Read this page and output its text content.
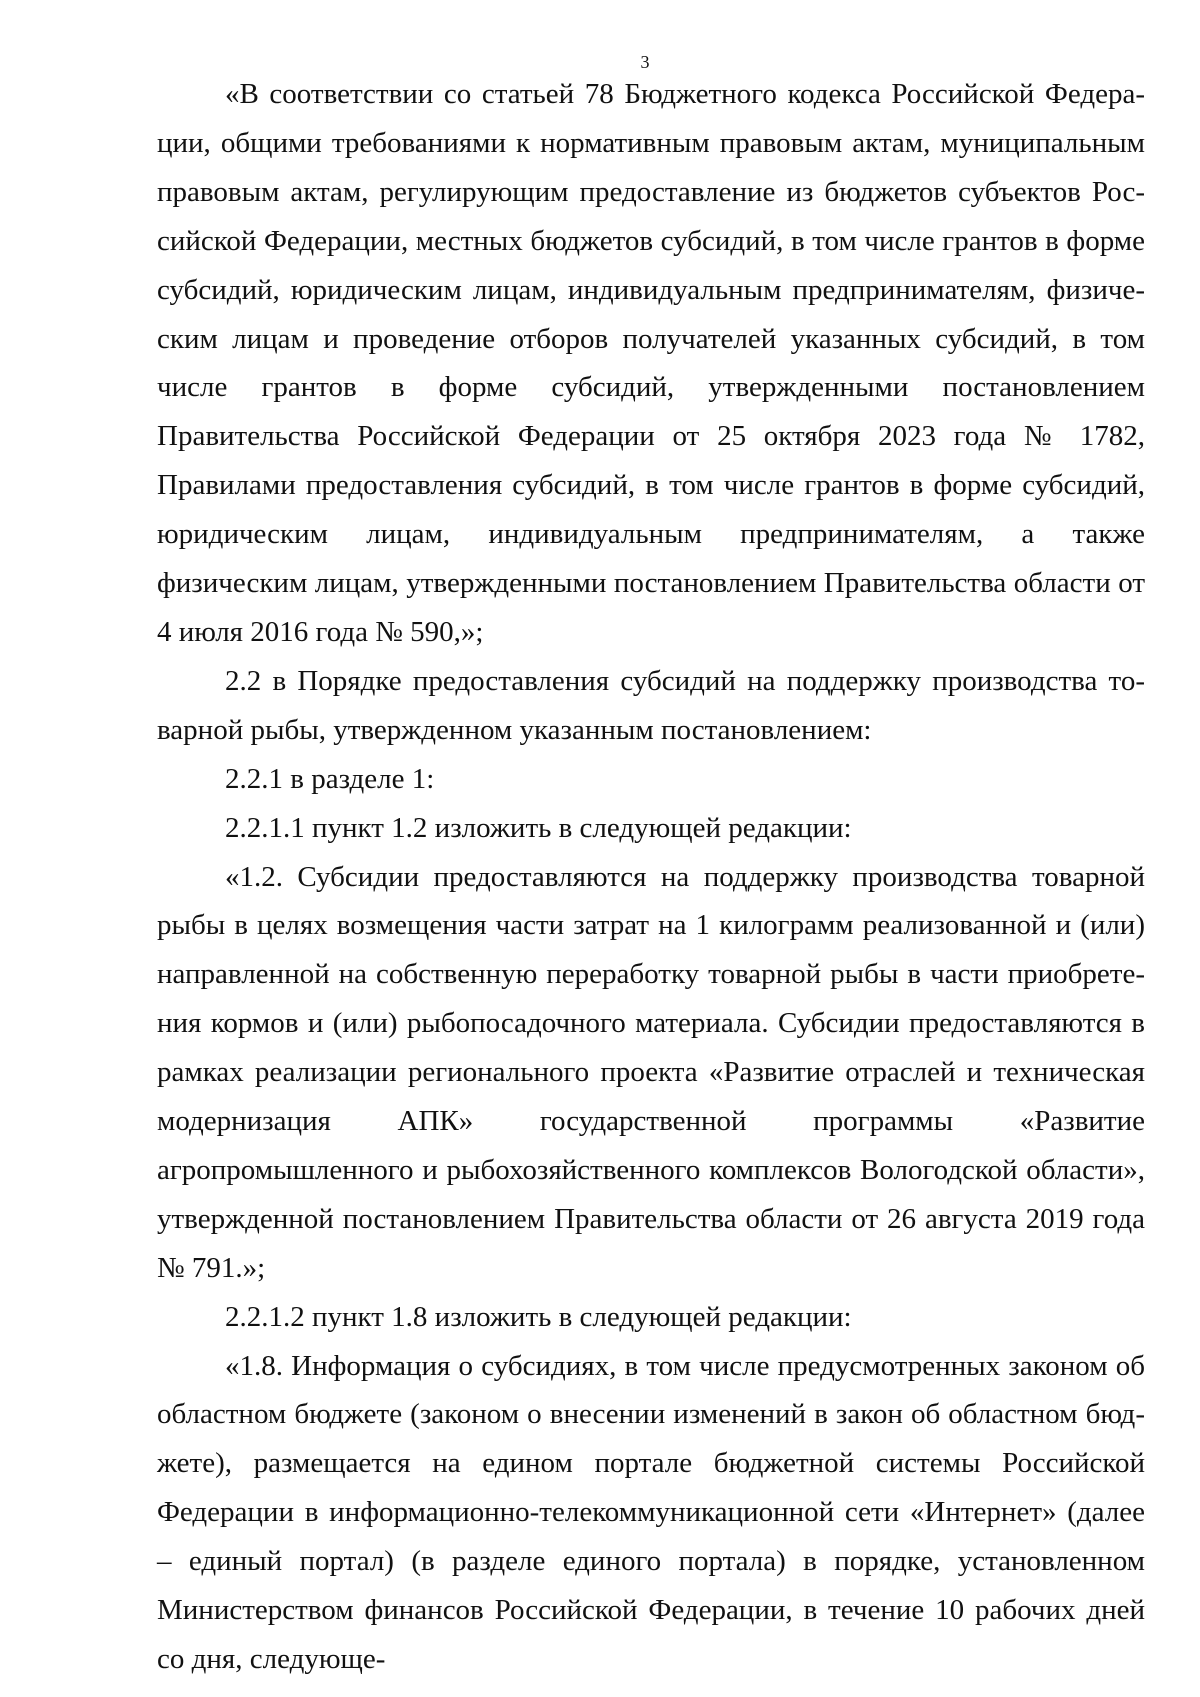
3

«В соответствии со статьей 78 Бюджетного кодекса Российской Федерации, общими требованиями к нормативным правовым актам, муниципальным правовым актам, регулирующим предоставление из бюджетов субъектов Российской Федерации, местных бюджетов субсидий, в том числе грантов в форме субсидий, юридическим лицам, индивидуальным предпринимателям, физическим лицам и проведение отборов получателей указанных субсидий, в том числе грантов в форме субсидий, утвержденными постановлением Правительства Российской Федерации от 25 октября 2023 года № 1782, Правилами предоставления субсидий, в том числе грантов в форме субсидий, юридическим лицам, индивидуальным предпринимателям, а также физическим лицам, утвержденными постановлением Правительства области от 4 июля 2016 года № 590,»;

2.2 в Порядке предоставления субсидий на поддержку производства товарной рыбы, утвержденном указанным постановлением:

2.2.1 в разделе 1:

2.2.1.1 пункт 1.2 изложить в следующей редакции:

«1.2. Субсидии предоставляются на поддержку производства товарной рыбы в целях возмещения части затрат на 1 килограмм реализованной и (или) направленной на собственную переработку товарной рыбы в части приобретения кормов и (или) рыбопосадочного материала. Субсидии предоставляются в рамках реализации регионального проекта «Развитие отраслей и техническая модернизация АПК» государственной программы «Развитие агропромышленного и рыбохозяйственного комплексов Вологодской области», утвержденной постановлением Правительства области от 26 августа 2019 года № 791.»;

2.2.1.2 пункт 1.8 изложить в следующей редакции:

«1.8. Информация о субсидиях, в том числе предусмотренных законом об областном бюджете (законом о внесении изменений в закон об областном бюджете), размещается на едином портале бюджетной системы Российской Федерации в информационно-телекоммуникационной сети «Интернет» (далее – единый портал) (в разделе единого портала) в порядке, установленном Министерством финансов Российской Федерации, в течение 10 рабочих дней со дня, следующе-
